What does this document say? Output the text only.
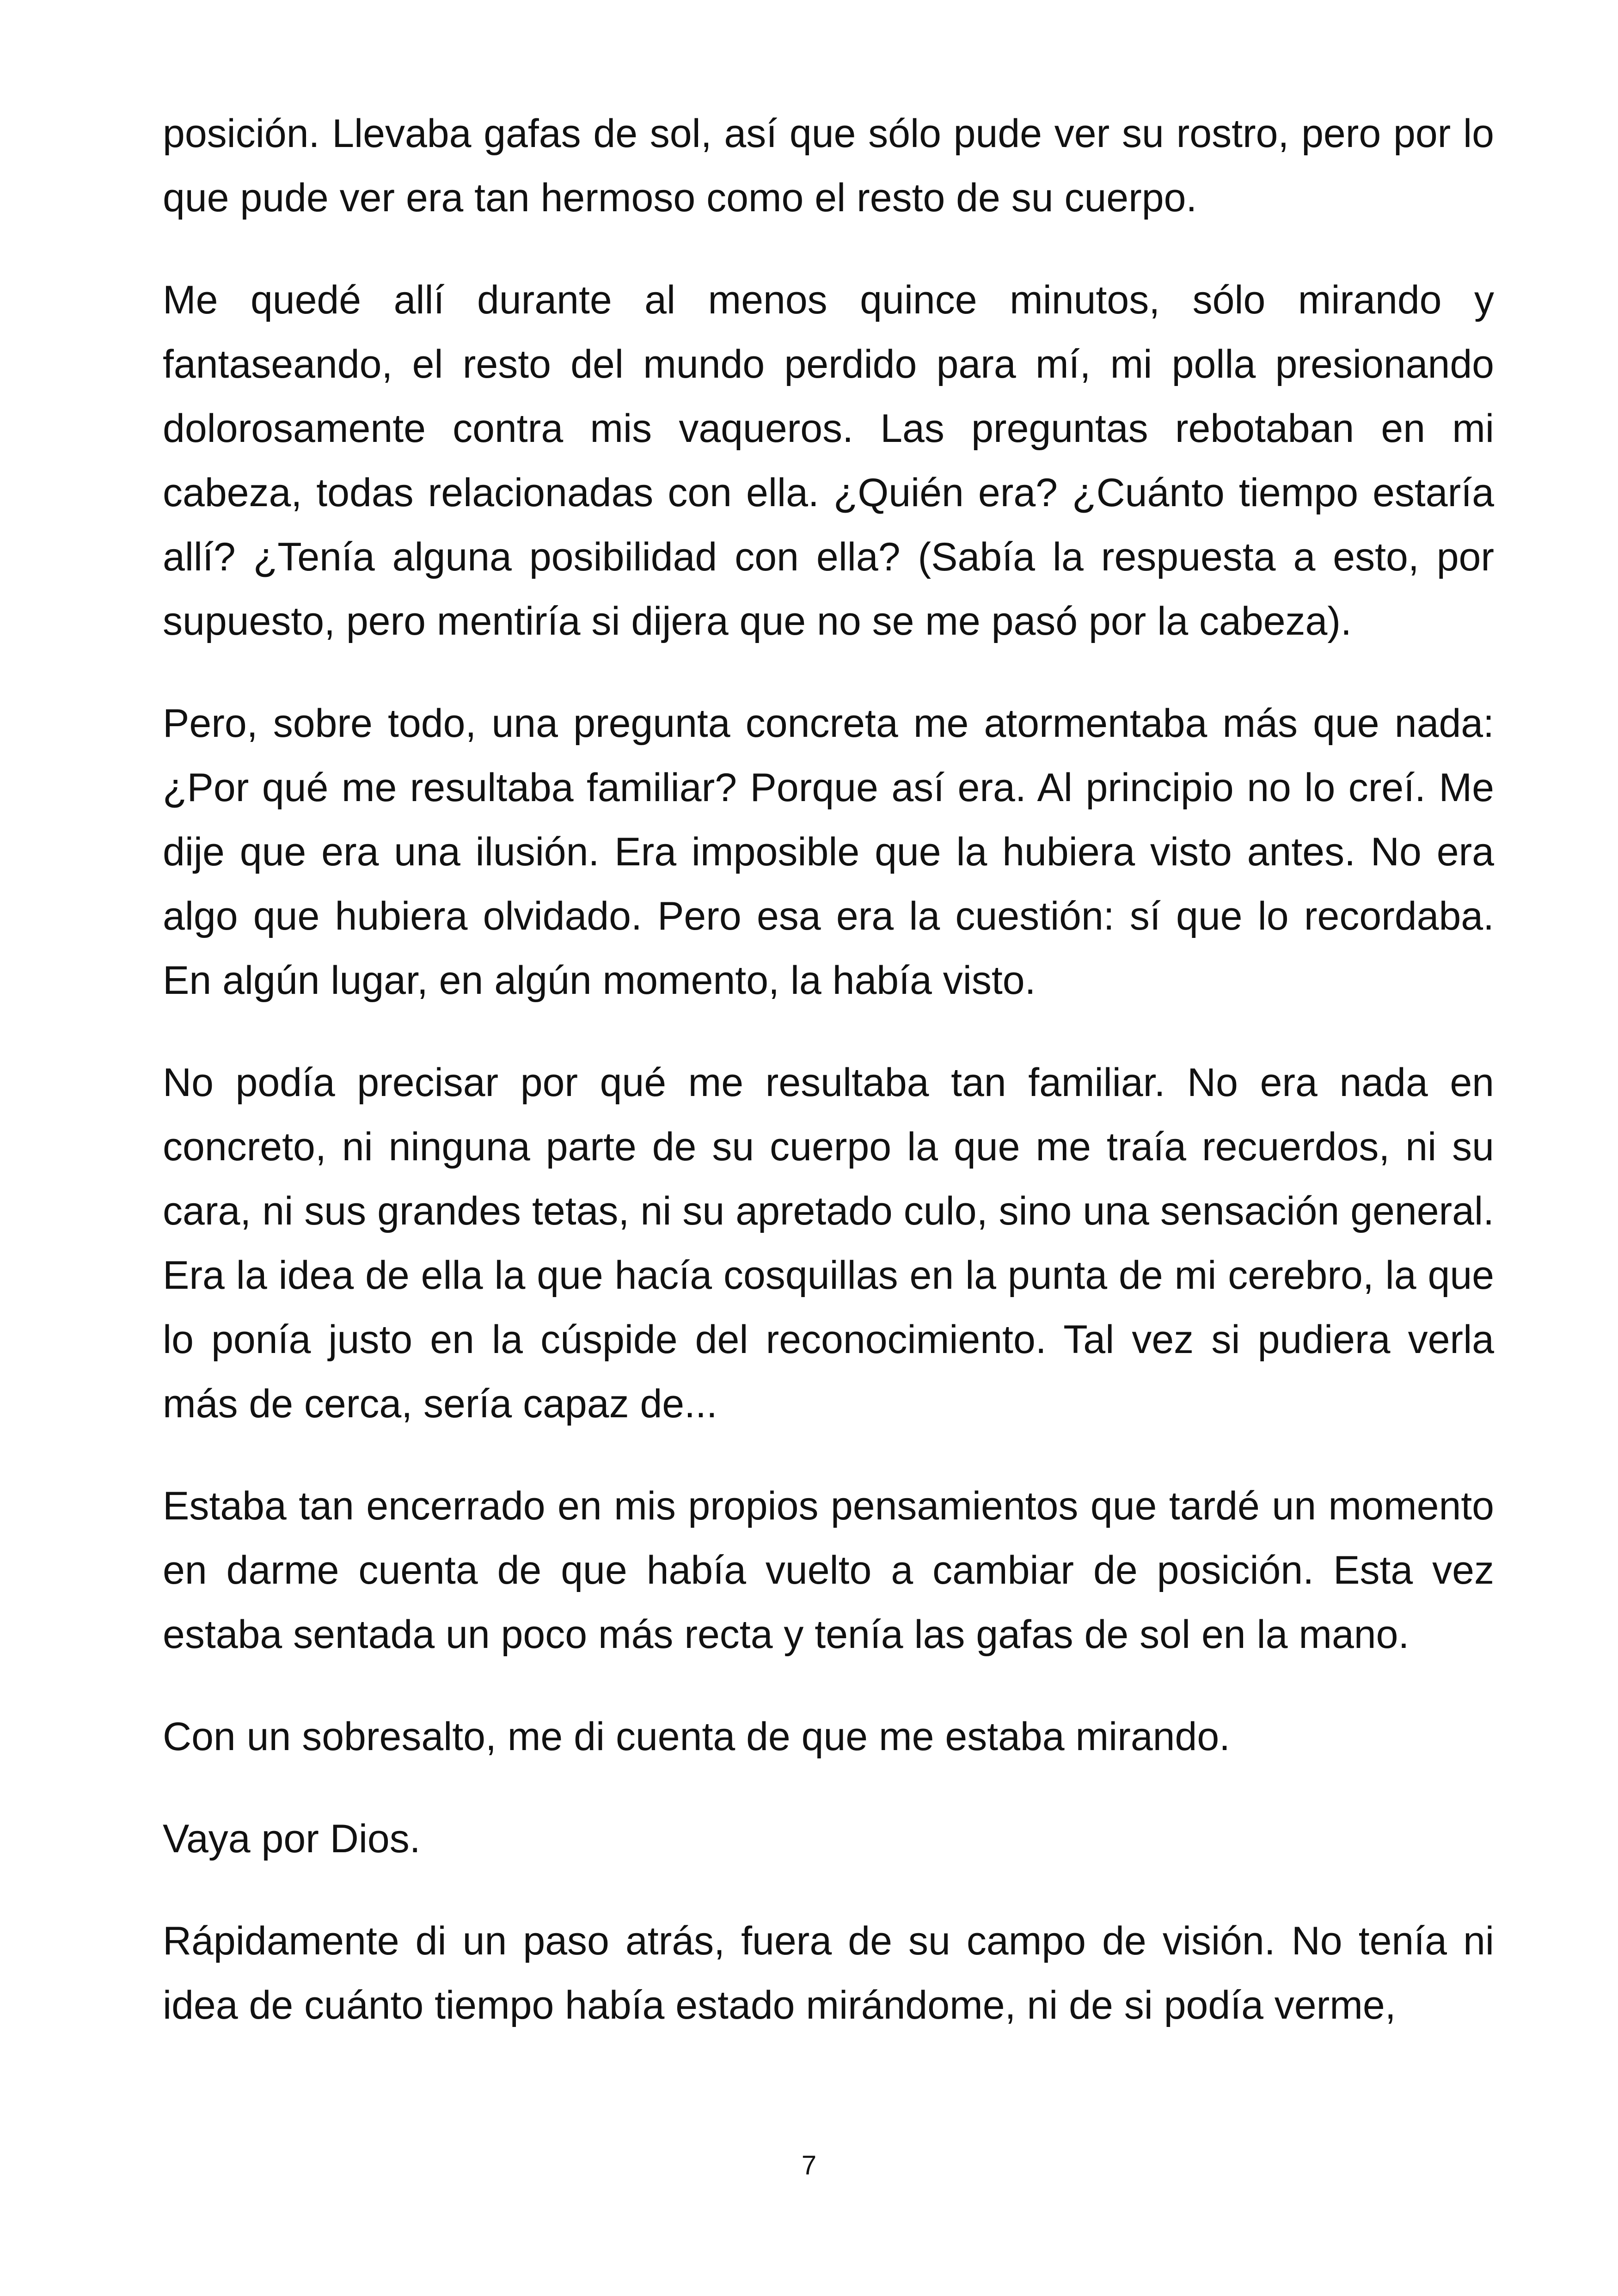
posición. Llevaba gafas de sol, así que sólo pude ver su rostro, pero por lo que pude ver era tan hermoso como el resto de su cuerpo.

Me quedé allí durante al menos quince minutos, sólo mirando y fantaseando, el resto del mundo perdido para mí, mi polla presionando dolorosamente contra mis vaqueros. Las preguntas rebotaban en mi cabeza, todas relacionadas con ella. ¿Quién era? ¿Cuánto tiempo estaría allí? ¿Tenía alguna posibilidad con ella? (Sabía la respuesta a esto, por supuesto, pero mentiría si dijera que no se me pasó por la cabeza).

Pero, sobre todo, una pregunta concreta me atormentaba más que nada: ¿Por qué me resultaba familiar? Porque así era. Al principio no lo creí. Me dije que era una ilusión. Era imposible que la hubiera visto antes. No era algo que hubiera olvidado. Pero esa era la cuestión: sí que lo recordaba. En algún lugar, en algún momento, la había visto.

No podía precisar por qué me resultaba tan familiar. No era nada en concreto, ni ninguna parte de su cuerpo la que me traía recuerdos, ni su cara, ni sus grandes tetas, ni su apretado culo, sino una sensación general. Era la idea de ella la que hacía cosquillas en la punta de mi cerebro, la que lo ponía justo en la cúspide del reconocimiento. Tal vez si pudiera verla más de cerca, sería capaz de...

Estaba tan encerrado en mis propios pensamientos que tardé un momento en darme cuenta de que había vuelto a cambiar de posición. Esta vez estaba sentada un poco más recta y tenía las gafas de sol en la mano.

Con un sobresalto, me di cuenta de que me estaba mirando.

Vaya por Dios.

Rápidamente di un paso atrás, fuera de su campo de visión. No tenía ni idea de cuánto tiempo había estado mirándome, ni de si podía verme,

7
